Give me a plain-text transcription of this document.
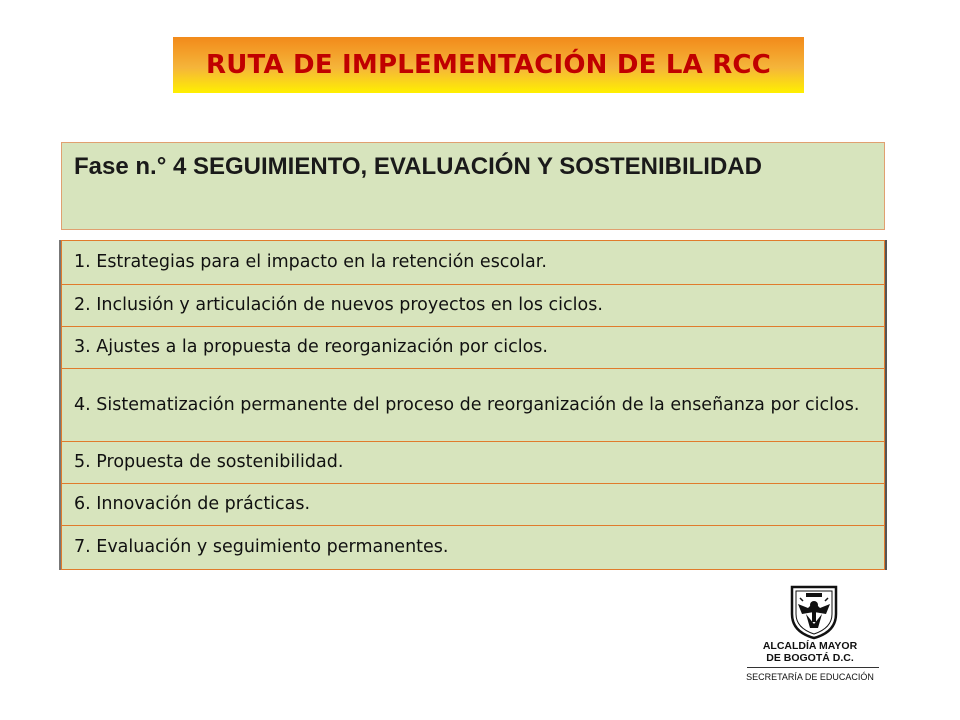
RUTA DE IMPLEMENTACIÓN DE LA RCC
Fase n.° 4 SEGUIMIENTO, EVALUACIÓN Y SOSTENIBILIDAD
1. Estrategias para el impacto en la retención escolar.
2. Inclusión y articulación de nuevos proyectos en los ciclos.
3. Ajustes a la propuesta de reorganización por ciclos.
4. Sistematización permanente del proceso de reorganización de la enseñanza por ciclos.
5. Propuesta de sostenibilidad.
6. Innovación de prácticas.
7. Evaluación y seguimiento permanentes.
ALCALDÍA MAYOR
DE BOGOTÁ D.C.
SECRETARÍA DE EDUCACIÓN
